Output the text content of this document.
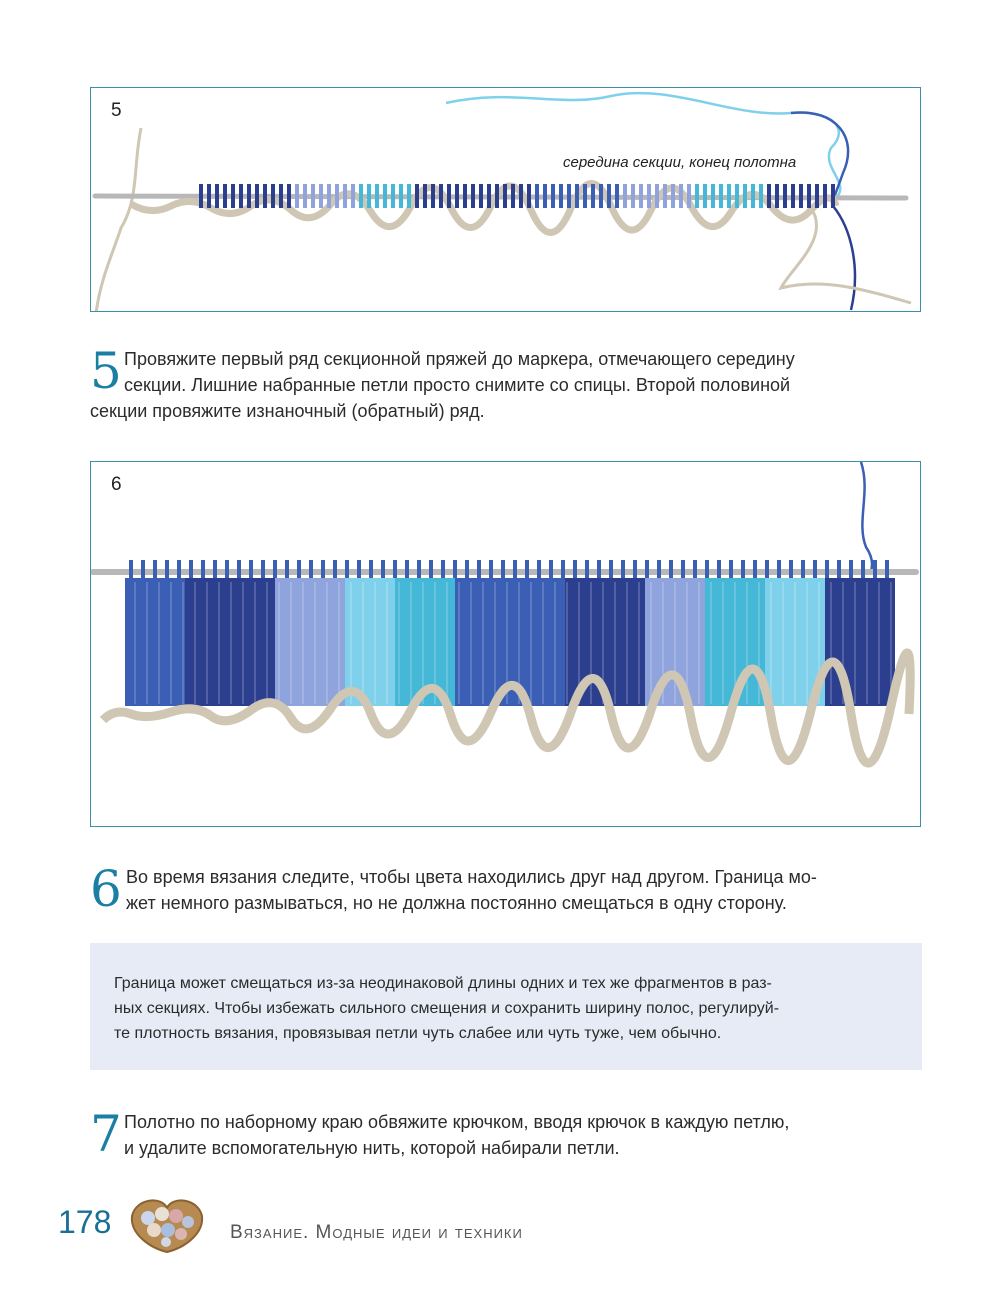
5
середина секции, конец полотна
5 Провяжите первый ряд секционной пряжей до маркера, отмечающего середину
секции. Лишние набранные петли просто снимите со спицы. Второй половиной
секции провяжите изнаночный (обратный) ряд.
6
6 Во время вязания следите, чтобы цвета находились друг над другом. Граница мо-
жет немного размываться, но не должна постоянно смещаться в одну сторону.
Граница может смещаться из-за неодинаковой длины одних и тех же фрагментов в раз-
ных секциях. Чтобы избежать сильного смещения и сохранить ширину полос, регулируй-
те плотность вязания, провязывая петли чуть слабее или чуть туже, чем обычно.
7 Полотно по наборному краю обвяжите крючком, вводя крючок в каждую петлю,
и удалите вспомогательную нить, которой набирали петли.
178	Вязание. Модные идеи и техники
